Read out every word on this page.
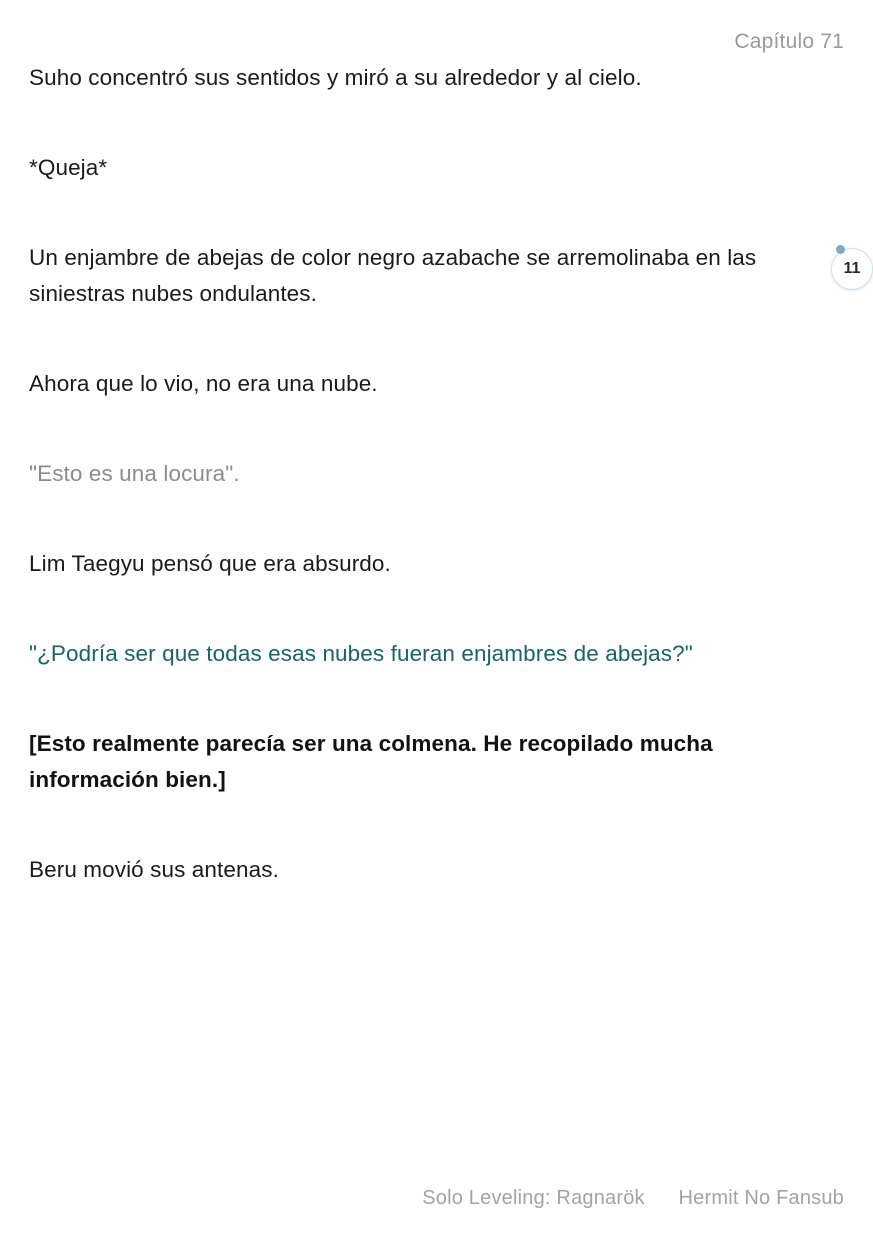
Capítulo 71

Suho concentró sus sentidos y miró a su alrededor y al cielo.

*Queja*

Un enjambre de abejas de color negro azabache se arremolinaba en las siniestras nubes ondulantes.

Ahora que lo vio, no era una nube.

"Esto es una locura".

Lim Taegyu pensó que era absurdo.

"¿Podría ser que todas esas nubes fueran enjambres de abejas?"

[Esto realmente parecía ser una colmena. He recopilado mucha información bien.]

Beru movió sus antenas.

11
Solo Leveling: Ragnarök Hermit No Fansub
